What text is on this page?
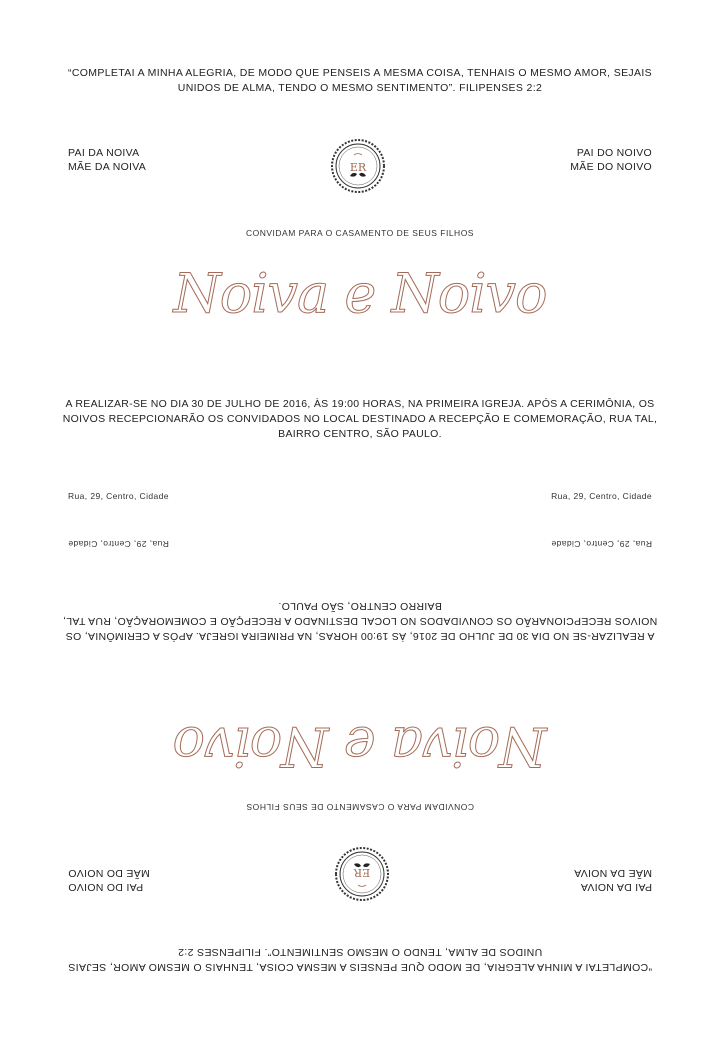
“COMPLETAI A MINHA ALEGRIA, DE MODO QUE PENSEIS A MESMA COISA, TENHAIS O MESMO AMOR, SEJAIS UNIDOS DE ALMA, TENDO O MESMO SENTIMENTO”. FILIPENSES 2:2
PAI DA NOIVA
MÃE DA NOIVA	ER
PAI DO NOIVO
MÃE DO NOIVO
CONVIDAM PARA O CASAMENTO DE SEUS FILHOS
Noiva e Noivo
A REALIZAR-SE NO DIA 30 DE JULHO DE 2016, ÀS 19:00 HORAS, NA PRIMEIRA IGREJA. APÓS A CERIMÔNIA, OS NOIVOS RECEPCIONARÃO OS CONVIDADOS NO LOCAL DESTINADO A RECEPÇÃO E COMEMORAÇÃO, RUA TAL, BAIRRO CENTRO, SÃO PAULO.
Rua, 29, Centro, Cidade	Rua, 29, Centro, Cidade
“COMPLETAI A MINHA ALEGRIA, DE MODO QUE PENSEIS A MESMA COISA, TENHAIS O MESMO AMOR, SEJAIS UNIDOS DE ALMA, TENDO O MESMO SENTIMENTO”. FILIPENSES 2:2
PAI DA NOIVA
MÃE DA NOIVA
ER
PAI DO NOIVO
MÃE DO NOIVO
CONVIDAM PARA O CASAMENTO DE SEUS FILHOS
Noiva e Noivo
A REALIZAR-SE NO DIA 30 DE JULHO DE 2016, ÀS 19:00 HORAS, NA PRIMEIRA IGREJA. APÓS A CERIMÔNIA, OS NOIVOS RECEPCIONARÃO OS CONVIDADOS NO LOCAL DESTINADO A RECEPÇÃO E COMEMORAÇÃO, RUA TAL, BAIRRO CENTRO, SÃO PAULO.
Rua, 29, Centro, Cidade
Rua, 29, Centro, Cidade
